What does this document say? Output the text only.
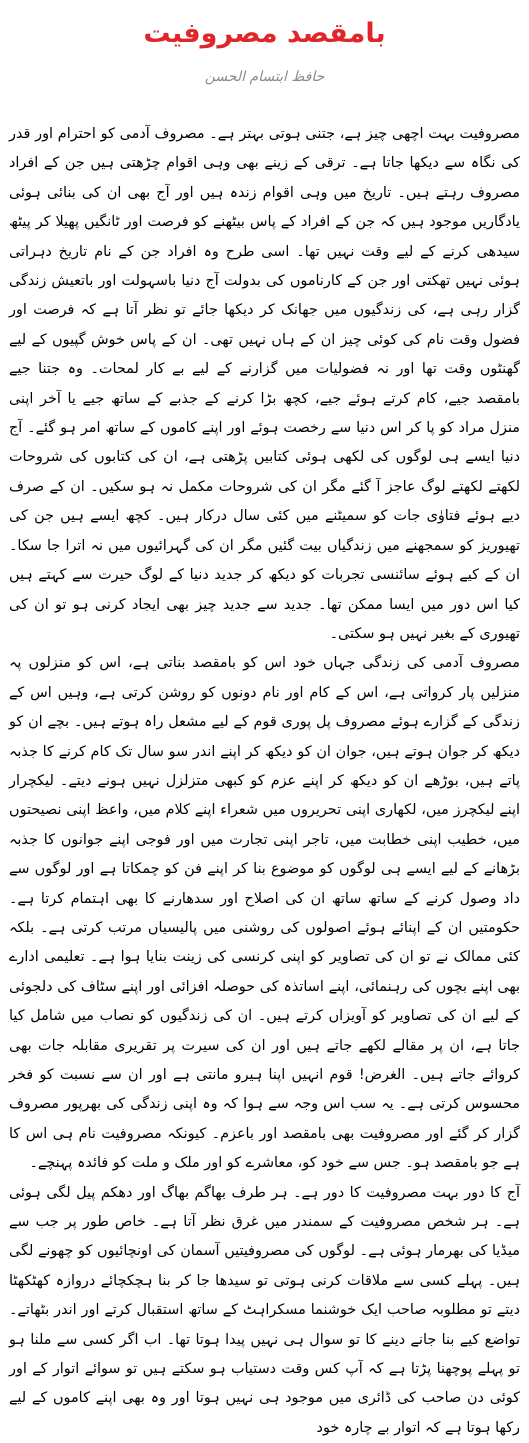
بامقصد مصروفیت
حافظ ابتسام الحسن

مصروفیت بہت اچھی چیز ہے، جتنی ہوتی بہتر ہے۔ مصروف آدمی کو احترام اور قدر کی نگاہ سے دیکھا جاتا ہے۔ ترقی کے زینے بھی وہی اقوام چڑھتی ہیں جن کے افراد مصروف رہتے ہیں۔ تاریخ میں وہی اقوام زندہ ہیں اور آج بھی ان کی بنائی ہوئی یادگاریں موجود ہیں کہ جن کے افراد کے پاس بیٹھنے کو فرصت اور ٹانگیں پھیلا کر پیٹھ سیدھی کرنے کے لیے وقت نہیں تھا۔ اسی طرح وہ افراد جن کے نام تاریخ دہراتی ہوئی نہیں تھکتی اور جن کے کارناموں کی بدولت آج دنیا باسہولت اور باتعیش زندگی گزار رہی ہے، کی زندگیوں میں جھانک کر دیکھا جائے تو نظر آتا ہے کہ فرصت اور فضول وقت نام کی کوئی چیز ان کے ہاں نہیں تھی۔ ان کے پاس خوش گپیوں کے لیے گھنٹوں وقت تھا اور نہ فضولیات میں گزارنے کے لیے بے کار لمحات۔ وہ جتنا جیے بامقصد جیے، کام کرتے ہوئے جیے، کچھ بڑا کرنے کے جذبے کے ساتھ جیے یا آخر اپنی منزل مراد کو پا کر اس دنیا سے رخصت ہوئے اور اپنے کاموں کے ساتھ امر ہو گئے۔ آج دنیا ایسے ہی لوگوں کی لکھی ہوئی کتابیں پڑھتی ہے، ان کی کتابوں کی شروحات لکھتے لکھتے لوگ عاجز آ گئے مگر ان کی شروحات مکمل نہ ہو سکیں۔ ان کے صرف دیے ہوئے فتاوٰی جات کو سمیٹنے میں کئی سال درکار ہیں۔ کچھ ایسے ہیں جن کی تھیوریز کو سمجھنے میں زندگیاں بیت گئیں مگر ان کی گہرائیوں میں نہ اترا جا سکا۔ ان کے کیے ہوئے سائنسی تجربات کو دیکھ کر جدید دنیا کے لوگ حیرت سے کہتے ہیں کیا اس دور میں ایسا ممکن تھا۔ جدید سے جدید چیز بھی ایجاد کرنی ہو تو ان کی تھیوری کے بغیر نہیں ہو سکتی۔

مصروف آدمی کی زندگی جہاں خود اس کو بامقصد بناتی ہے، اس کو منزلوں پہ منزلیں پار کرواتی ہے، اس کے کام اور نام دونوں کو روشن کرتی ہے، وہیں اس کے زندگی کے گزارے ہوئے مصروف پل پوری قوم کے لیے مشعل راہ ہوتے ہیں۔ بچے ان کو دیکھ کر جوان ہوتے ہیں، جوان ان کو دیکھ کر اپنے اندر سو سال تک کام کرنے کا جذبہ پاتے ہیں، بوڑھے ان کو دیکھ کر اپنے عزم کو کبھی متزلزل نہیں ہونے دیتے۔ لیکچرار اپنے لیکچرز میں، لکھاری اپنی تحریروں میں شعراء اپنے کلام میں، واعظ اپنی نصیحتوں میں، خطیب اپنی خطابت میں، تاجر اپنی تجارت میں اور فوجی اپنے جوانوں کا جذبہ بڑھانے کے لیے ایسے ہی لوگوں کو موضوع بنا کر اپنے فن کو چمکاتا ہے اور لوگوں سے داد وصول کرنے کے ساتھ ساتھ ان کی اصلاح اور سدھارنے کا بھی اہتمام کرتا ہے۔ حکومتیں ان کے اپنائے ہوئے اصولوں کی روشنی میں پالیسیاں مرتب کرتی ہے۔ بلکہ کئی ممالک نے تو ان کی تصاویر کو اپنی کرنسی کی زینت بنایا ہوا ہے۔ تعلیمی ادارے بھی اپنے بچوں کی رہنمائی، اپنے اساتذہ کی حوصلہ افزائی اور اپنے سٹاف کی دلجوئی کے لیے ان کی تصاویر کو آویزاں کرتے ہیں۔ ان کی زندگیوں کو نصاب میں شامل کیا جاتا ہے، ان پر مقالے لکھے جاتے ہیں اور ان کی سیرت پر تقریری مقابلہ جات بھی کروائے جاتے ہیں۔ الغرض! قوم انہیں اپنا ہیرو مانتی ہے اور ان سے نسبت کو فخر محسوس کرتی ہے۔ یہ سب اس وجہ سے ہوا کہ وہ اپنی زندگی کی بھرپور مصروف گزار کر گئے اور مصروفیت بھی بامقصد اور باعزم۔ کیونکہ مصروفیت نام ہی اس کا ہے جو بامقصد ہو۔ جس سے خود کو، معاشرے کو اور ملک و ملت کو فائدہ پہنچے۔

آج کا دور بہت مصروفیت کا دور ہے۔ ہر طرف بھاگم بھاگ اور دھکم پیل لگی ہوئی ہے۔ ہر شخص مصروفیت کے سمندر میں غرق نظر آتا ہے۔ خاص طور پر جب سے میڈیا کی بھرمار ہوئی ہے۔ لوگوں کی مصروفیتیں آسمان کی اونچائیوں کو چھونے لگی ہیں۔ پہلے کسی سے ملاقات کرنی ہوتی تو سیدھا جا کر بنا ہچکچائے دروازہ کھٹکھٹا دیتے تو مطلوبہ صاحب ایک خوشنما مسکراہٹ کے ساتھ استقبال کرتے اور اندر بٹھاتے۔ تواضع کیے بنا جانے دینے کا تو سوال ہی نہیں پیدا ہوتا تھا۔ اب اگر کسی سے ملنا ہو تو پہلے پوچھنا پڑتا ہے کہ آپ کس وقت دستیاب ہو سکتے ہیں تو سوائے اتوار کے اور کوئی دن صاحب کی ڈائری میں موجود ہی نہیں ہوتا اور وہ بھی اپنے کاموں کے لیے رکھا ہوتا ہے کہ اتوار بے چارہ خود
